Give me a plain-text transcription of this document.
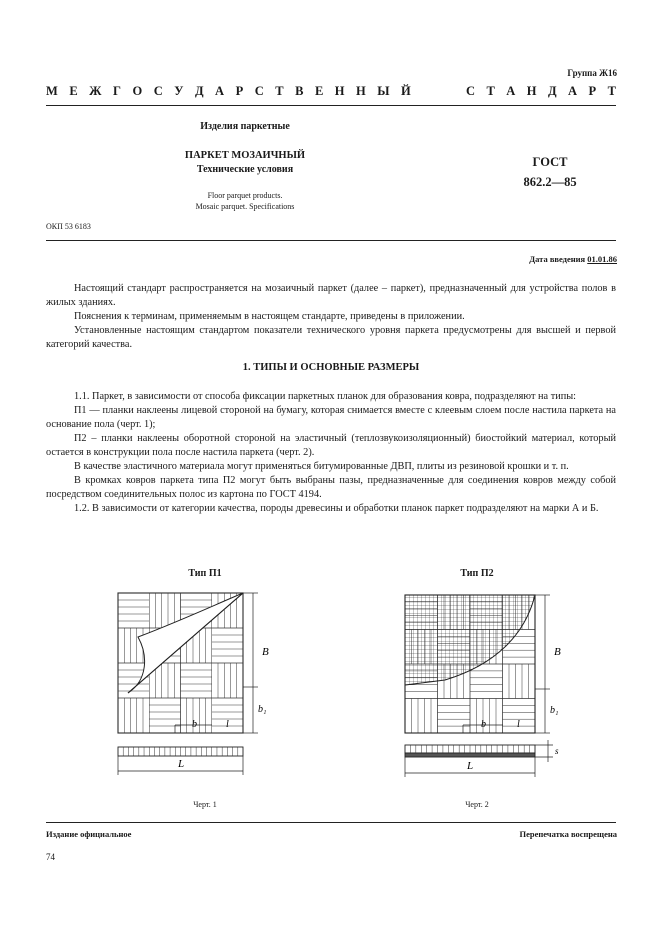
Группа Ж16
М Е Ж Г О С У Д А Р С Т В Е Н Н Ы Й	С Т А Н Д А Р Т
Изделия паркетные
ПАРКЕТ МОЗАИЧНЫЙ
Технические условия
Floor parquet products.
Mosaic parquet. Specifications
ГОСТ
862.2—85
ОКП 53 6183
Дата введения 01.01.86

Настоящий стандарт распространяется на мозаичный паркет (далее – паркет), предназначенный для устройства полов в жилых зданиях.

Пояснения к терминам, применяемым в настоящем стандарте, приведены в приложении.

Установленные настоящим стандартом показатели технического уровня паркета предусмотрены для высшей и первой категорий качества.

1. ТИПЫ И ОСНОВНЫЕ РАЗМЕРЫ

1.1. Паркет, в зависимости от способа фиксации паркетных планок для образования ковра, подразделяют на типы:

П1 — планки наклеены лицевой стороной на бумагу, которая снимается вместе с клеевым слоем после настила паркета на основание пола (черт. 1);

П2 – планки наклеены оборотной стороной на эластичный (теплозвукоизоляционный) биостойкий материал, который остается в конструкции пола после настила паркета (черт. 2).

В качестве эластичного материала могут применяться битумированные ДВП, плиты из резиновой крошки и т. п.

В кромках ковров паркета типа П2 могут быть выбраны пазы, предназначенные для соединения ковров между собой посредством соединительных полос из картона по ГОСТ 4194.

1.2. В зависимости от категории качества, породы древесины и обработки планок паркет подразделяют на марки А и Б.

Тип П1	Тип П2
B
b₁
b	l
L
B
b₁
b	l
L
s
Черт. 1	Черт. 2
Издание официальное	Перепечатка воспрещена
74
